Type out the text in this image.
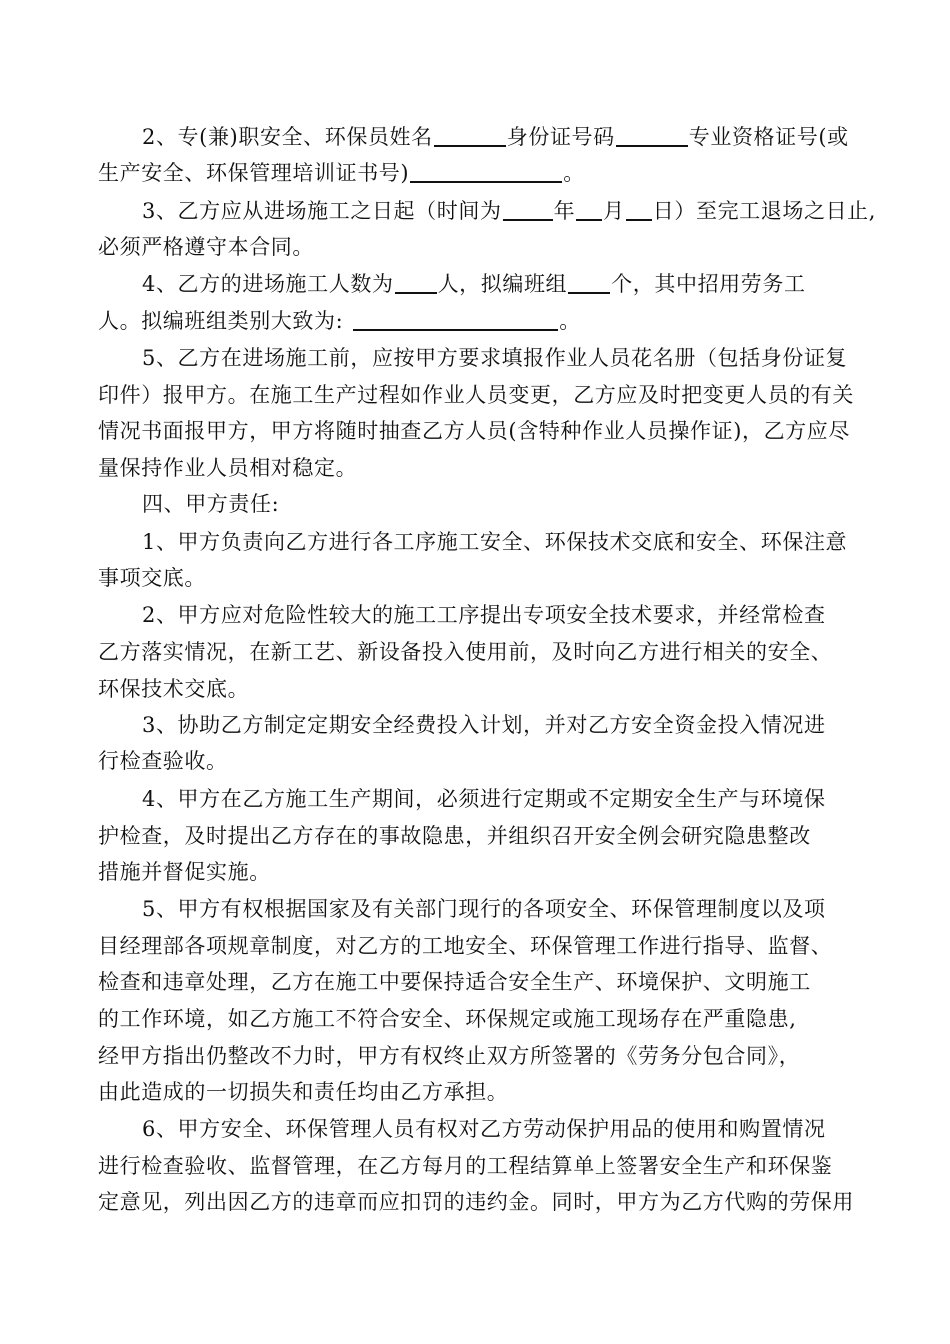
2、专(兼)职安全、环保员姓名	身份证号码	专业资格证号(或
生产安全、环保管理培训证书号)	。
3、乙方应从进场施工之日起（时间为 年 月 日）至完工退场之日止,
必须严格遵守本合同。
4、乙方的进场施工人数为 人，拟编班组 个，其中招用劳务工
人。拟编班组类别大致为:	。
5、乙方在进场施工前，应按甲方要求填报作业人员花名册（包括身份证复
印件）报甲方。在施工生产过程如作业人员变更，乙方应及时把变更人员的有关
情况书面报甲方，甲方将随时抽查乙方人员(含特种作业人员操作证)，乙方应尽
量保持作业人员相对稳定。
四、甲方责任:
1、甲方负责向乙方进行各工序施工安全、环保技术交底和安全、环保注意
事项交底。
2、甲方应对危险性较大的施工工序提出专项安全技术要求，并经常检查
乙方落实情况，在新工艺、新设备投入使用前，及时向乙方进行相关的安全、
环保技术交底。
3、协助乙方制定定期安全经费投入计划，并对乙方安全资金投入情况进
行检查验收。
4、甲方在乙方施工生产期间，必须进行定期或不定期安全生产与环境保
护检查，及时提出乙方存在的事故隐患，并组织召开安全例会研究隐患整改
措施并督促实施。
5、甲方有权根据国家及有关部门现行的各项安全、环保管理制度以及项
目经理部各项规章制度，对乙方的工地安全、环保管理工作进行指导、监督、
检查和违章处理，乙方在施工中要保持适合安全生产、环境保护、文明施工
的工作环境，如乙方施工不符合安全、环保规定或施工现场存在严重隐患,
经甲方指出仍整改不力时，甲方有权终止双方所签署的《劳务分包合同》，
由此造成的一切损失和责任均由乙方承担。
6、甲方安全、环保管理人员有权对乙方劳动保护用品的使用和购置情况
进行检查验收、监督管理，在乙方每月的工程结算单上签署安全生产和环保鉴
定意见，列出因乙方的违章而应扣罚的违约金。同时，甲方为乙方代购的劳保用
